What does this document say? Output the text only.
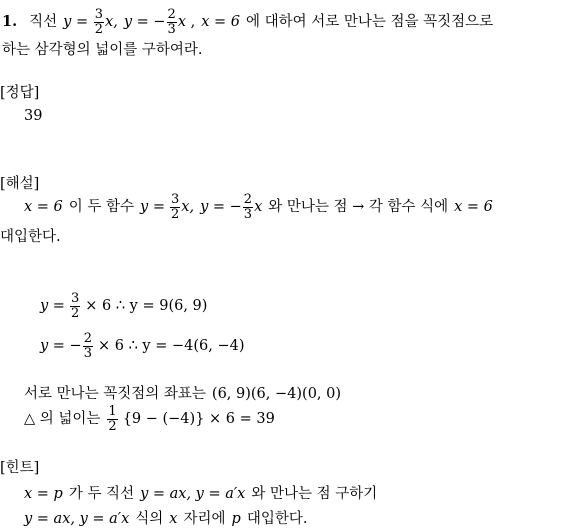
1. 직선 $y = \frac{3}{2} x$, y = − $\frac{2}{3}$ x
, x = 6 에 대하여 서로 만나는 점을 꼭짓점으로
하는 삼각형의 넓이를 구하여라.
[정답]
39
[해설]
x = 6 이 두 함수 $y = \frac{3}{2} x$, y = − $\frac{2}{3}$ x 와 만나는 점 → 각 함수 식에 x = 6
대입한다.
$y = \frac{3}{2} \times 6$ ∴ y = 9(6, 9)
y = − $\frac{2}{3} \times 6$ ∴ y = −4(6, −4)
서로 만나는 꼭짓점의 좌표는 (6, 9)(6, −4)(0, 0)
△ 의 넓이는 $\frac{1}{2} \{9 - (-4)\} \times 6 = 39$
[힌트]
x = p 가 두 직선 y = ax, y = a′x 와 만나는 점 구하기
y = ax, y = a′x 식의 x 자리에 p 대입한다.
